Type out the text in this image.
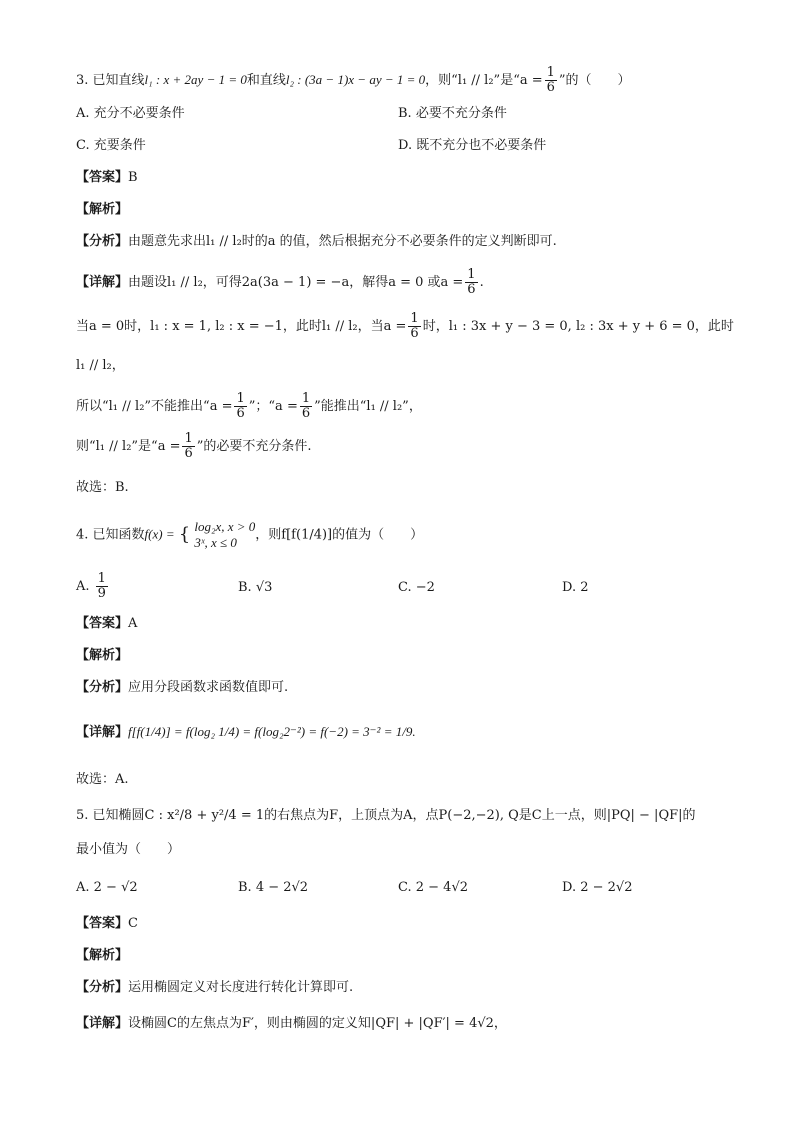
3. 已知直线l₁ : x + 2ay − 1 = 0和直线l₂ : (3a − 1)x − ay − 1 = 0，则“l₁ // l₂”是“$a = \frac{1}{6}$ ”的（　　）
A. 充分不必要条件	B. 必要不充分条件
C. 充要条件	D. 既不充分也不必要条件
【答案】B
【解析】
【分析】由题意先求出l₁ // l₂时的a 的值，然后根据充分不必要条件的定义判断即可.
【详解】由题设l₁ // l₂，可得2a(3a − 1) = −a，解得a = 0 或$a = \frac{1}{6}$ .
当a = 0时，l₁ : x = 1, l₂ : x = −1，此时l₁ // l₂，当$a = \frac{1}{6}$ 时，l₁ : 3x + y − 3 = 0, l₂ : 3x + y + 6 = 0，此时
l₁ // l₂，
所以“l₁ // l₂”不能推出“$a = \frac{1}{6}$ ”；“$a = \frac{1}{6}$ ”能推出“l₁ // l₂”，
则“l₁ // l₂”是“$a = \frac{1}{6}$ ”的必要不充分条件.
故选：B.
4. 已知函数f(x) = { log₂x, x > 0
3ˣ, x ≤ 0	，则f[f(1/4)]的值为（　　）
A. $\frac{1}{9}$	B. √3	C. −2	D. 2
【答案】A
【解析】
【分析】应用分段函数求函数值即可.
【详解】f[f(1/4)] = f(log₂ 1/4) = f(log₂2⁻²) = f(−2) = 3⁻² = 1/9.
故选：A.
5. 已知椭圆C : x²/8 + y²/4 = 1的右焦点为F，上顶点为A，点P(−2,−2), Q是C上一点，则|PQ| − |QF|的
最小值为（　　）
A. 2 − √2	B. 4 − 2√2	C. 2 − 4√2	D. 2 − 2√2
【答案】C
【解析】
【分析】运用椭圆定义对长度进行转化计算即可.
【详解】设椭圆C的左焦点为F′，则由椭圆的定义知|QF| + |QF′| = 4√2，
